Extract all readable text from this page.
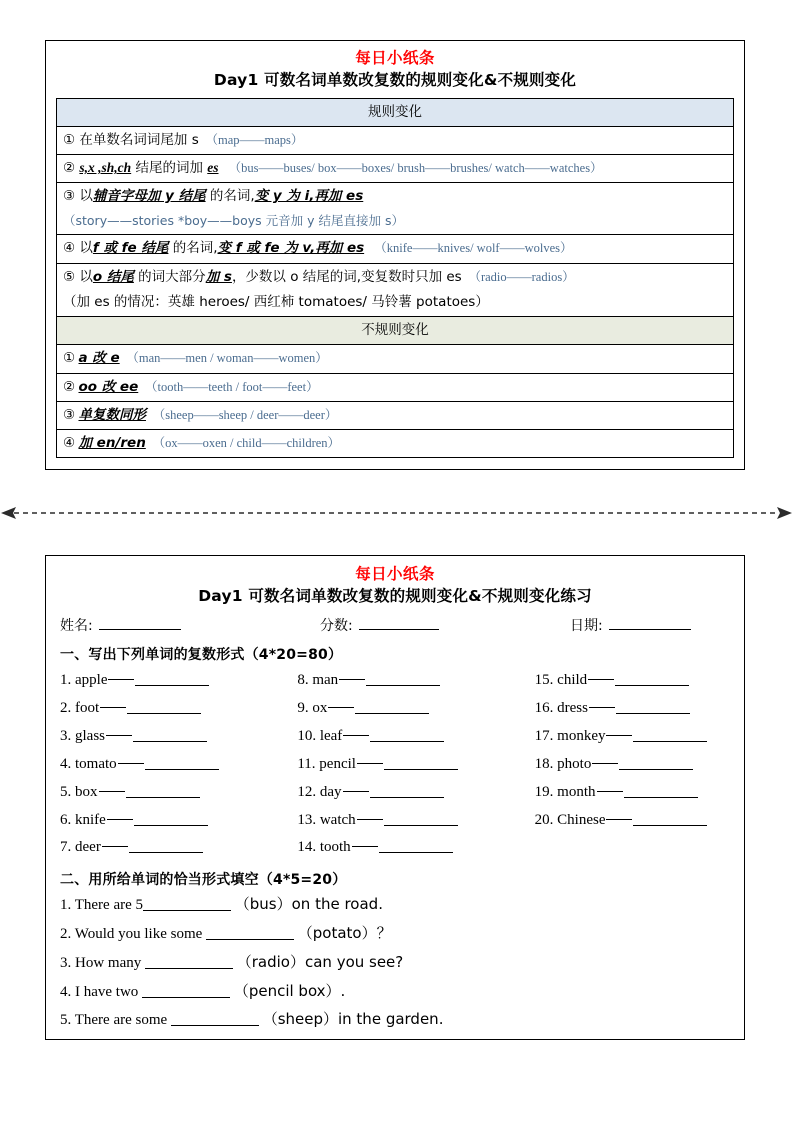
每日小纸条
Day1 可数名词单数改复数的规则变化&不规则变化
规则变化
① 在单数名词词尾加 s （map——maps）
② s,x ,sh,ch 结尾的词加 es （bus——buses/ box——boxes/ brush——brushes/ watch——watches）
③ 以辅音字母加 y 结尾 的名词,变 y 为 i,再加 es
（story——stories *boy——boys 元音加 y 结尾直接加 s）

④ 以f 或 fe 结尾 的名词,变 f 或 fe 为 v,再加 es （knife——knives/ wolf——wolves）
⑤ 以o 结尾 的词大部分加 s，少数以 o 结尾的词,变复数时只加 es （radio——radios）
（加 es 的情况：英雄 heroes/ 西红柿 tomatoes/ 马铃薯 potatoes）

不规则变化
① a 改 e （man——men / woman——women）
② oo 改 ee （tooth——teeth / foot——feet）
③ 单复数同形 （sheep——sheep / deer——deer）
④ 加 en/ren （ox——oxen / child——children）
每日小纸条
Day1 可数名词单数改复数的规则变化&不规则变化练习
姓名:	分数:	日期:
一、写出下列单词的复数形式（4*20=80）
1. apple
2. foot
3. glass
4. tomato
5. box
6. knife
7. deer
8. man
9. ox
10. leaf
11. pencil
12. day
13. watch
14. tooth
15. child
16. dress
17. monkey
18. photo
19. month
20. Chinese
二、用所给单词的恰当形式填空（4*5=20）
1. There are 5	（bus）on the road.
2. Would you like some	（potato）？
3. How many	（radio）can you see?
4. I have two	（pencil box）.
5. There are some	（sheep）in the garden.
